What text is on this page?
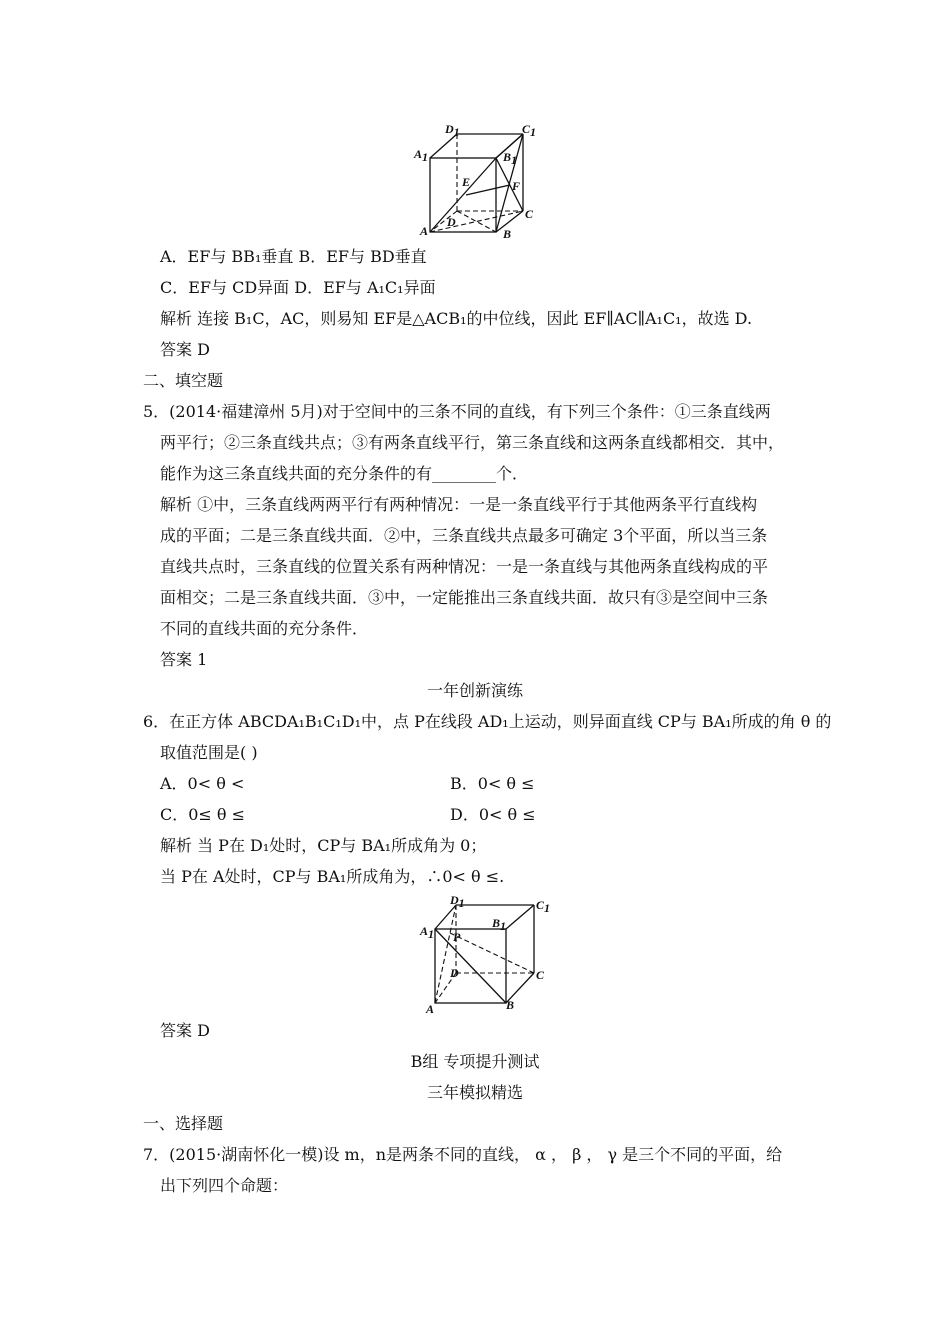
D1	C1
A1	B1
E	F
D
C
A	B
A．EF与 BB₁垂直 B．EF与 BD垂直
C．EF与 CD异面 D．EF与 A₁C₁异面
解析 连接 B₁C，AC，则易知 EF是△ACB₁的中位线，因此 EF∥AC∥A₁C₁，故选 D.
答案 D
二、填空题
5．(2014·福建漳州 5月)对于空间中的三条不同的直线，有下列三个条件：①三条直线两
两平行；②三条直线共点；③有两条直线平行，第三条直线和这两条直线都相交．其中，
能作为这三条直线共面的充分条件的有________个．
解析 ①中，三条直线两两平行有两种情况：一是一条直线平行于其他两条平行直线构
成的平面；二是三条直线共面．②中，三条直线共点最多可确定 3个平面，所以当三条
直线共点时，三条直线的位置关系有两种情况：一是一条直线与其他两条直线构成的平
面相交；二是三条直线共面．③中，一定能推出三条直线共面．故只有③是空间中三条
不同的直线共面的充分条件．
答案 1
一年创新演练
6．在正方体 ABCDA₁B₁C₁D₁中，点 P在线段 AD₁上运动，则异面直线 CP与 BA₁所成的角 θ 的
取值范围是( )
A．0< θ <	B．0< θ ≤
C．0≤ θ ≤	D．0< θ ≤
解析 当 P在 D₁处时，CP与 BA₁所成角为 0；
当 P在 A处时，CP与 BA₁所成角为，∴0< θ ≤.
D1	C1
B1
A1 P
D	C
A	B
答案 D
B组 专项提升测试
三年模拟精选
一、选择题
7．(2015·湖南怀化一模)设 m，n是两条不同的直线， α ， β ， γ 是三个不同的平面，给
出下列四个命题：
